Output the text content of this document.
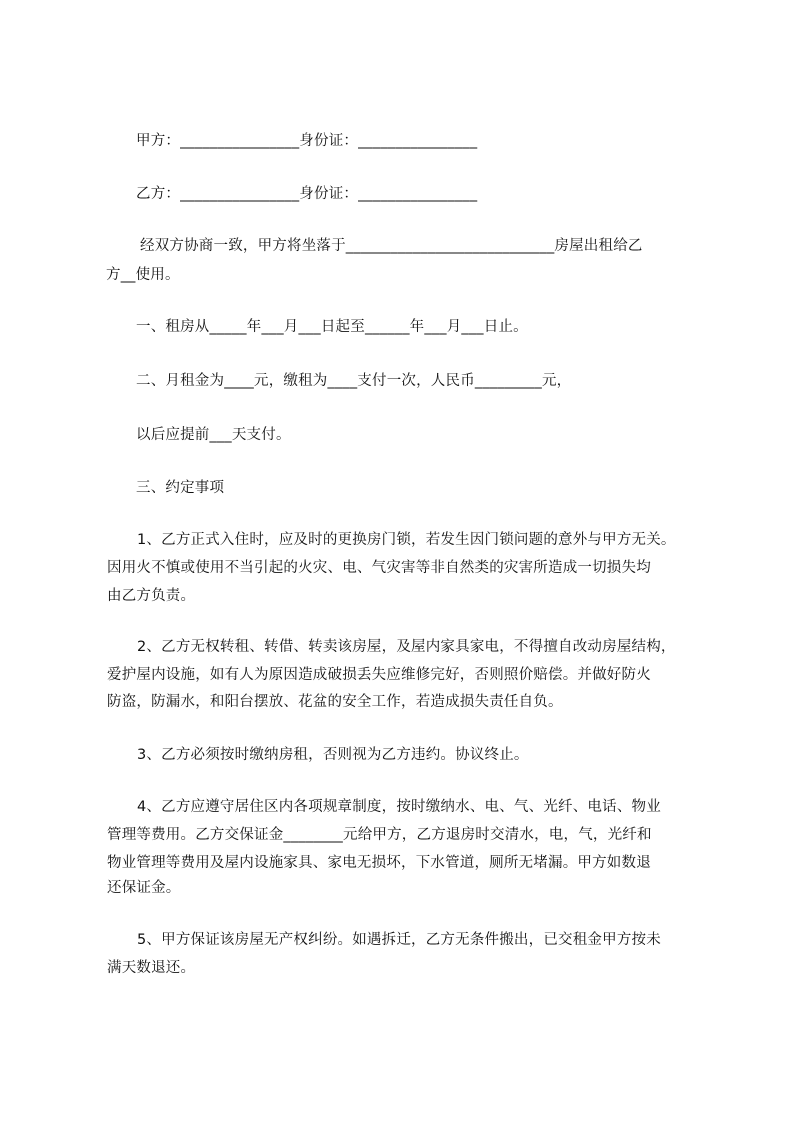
甲方：________________身份证：________________
乙方：________________身份证：________________
经双方协商一致，甲方将坐落于____________________________房屋出租给乙
方__使用。
一、租房从_____年___月___日起至______年___月___日止。
二、月租金为____元，缴租为____支付一次，人民币_________元，
以后应提前___天支付。
三、约定事项
1、乙方正式入住时，应及时的更换房门锁，若发生因门锁问题的意外与甲方无关。
因用火不慎或使用不当引起的火灾、电、气灾害等非自然类的灾害所造成一切损失均
由乙方负责。
2、乙方无权转租、转借、转卖该房屋，及屋内家具家电，不得擅自改动房屋结构，
爱护屋内设施，如有人为原因造成破损丢失应维修完好，否则照价赔偿。并做好防火
防盗，防漏水，和阳台摆放、花盆的安全工作，若造成损失责任自负。
3、乙方必须按时缴纳房租，否则视为乙方违约。协议终止。
4、乙方应遵守居住区内各项规章制度，按时缴纳水、电、气、光纤、电话、物业
管理等费用。乙方交保证金________元给甲方，乙方退房时交清水，电，气，光纤和
物业管理等费用及屋内设施家具、家电无损坏，下水管道，厕所无堵漏。甲方如数退
还保证金。
5、甲方保证该房屋无产权纠纷。如遇拆迁，乙方无条件搬出，已交租金甲方按未
满天数退还。
